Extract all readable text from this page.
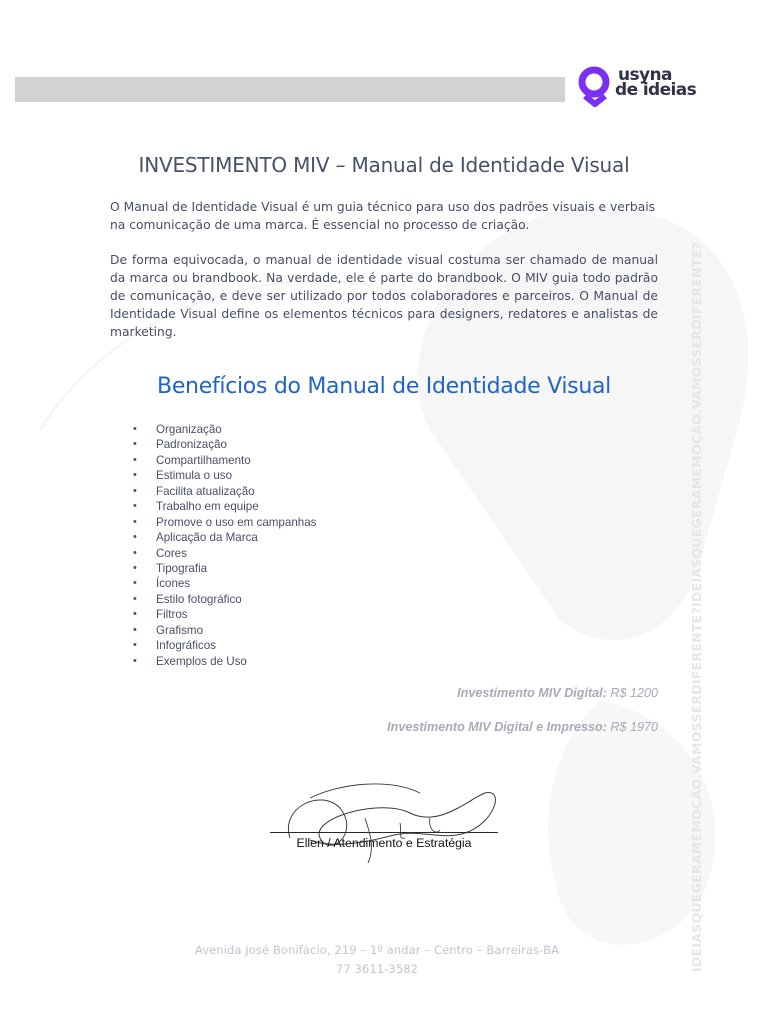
usyna
de ideias
IDEIASQUEGERAMEMOÇÃO.VAMOSSERDIFERENTE?IDEIASQUEGERAMEMOÇÃO.VAMOSSERDIFERENTE?
INVESTIMENTO MIV – Manual de Identidade Visual
O Manual de Identidade Visual é um guia técnico para uso dos padrões visuais e verbais na comunicação de uma marca. É essencial no processo de criação.
De forma equivocada, o manual de identidade visual costuma ser chamado de manual da marca ou brandbook. Na verdade, ele é parte do brandbook. O MIV guia todo padrão de comunicação, e deve ser utilizado por todos colaboradores e parceiros. O Manual de Identidade Visual define os elementos técnicos para designers, redatores e analistas de marketing.
Benefícios do Manual de Identidade Visual
• Organização
• Padronização
• Compartilhamento
• Estimula o uso
• Facilita atualização
• Trabalho em equipe
• Promove o uso em campanhas
• Aplicação da Marca
• Cores
• Tipografia
• Ícones
• Estilo fotográfico
• Filtros
• Grafismo
• Infográficos
• Exemplos de Uso
Investimento MIV Digital: R$ 1200
Investimento MIV Digital e Impresso: R$ 1970
Ellen / Atendimento e Estratégia
Avenida José Bonifácio, 219 – 1º andar – Centro – Barreiras-BA
77 3611-3582
